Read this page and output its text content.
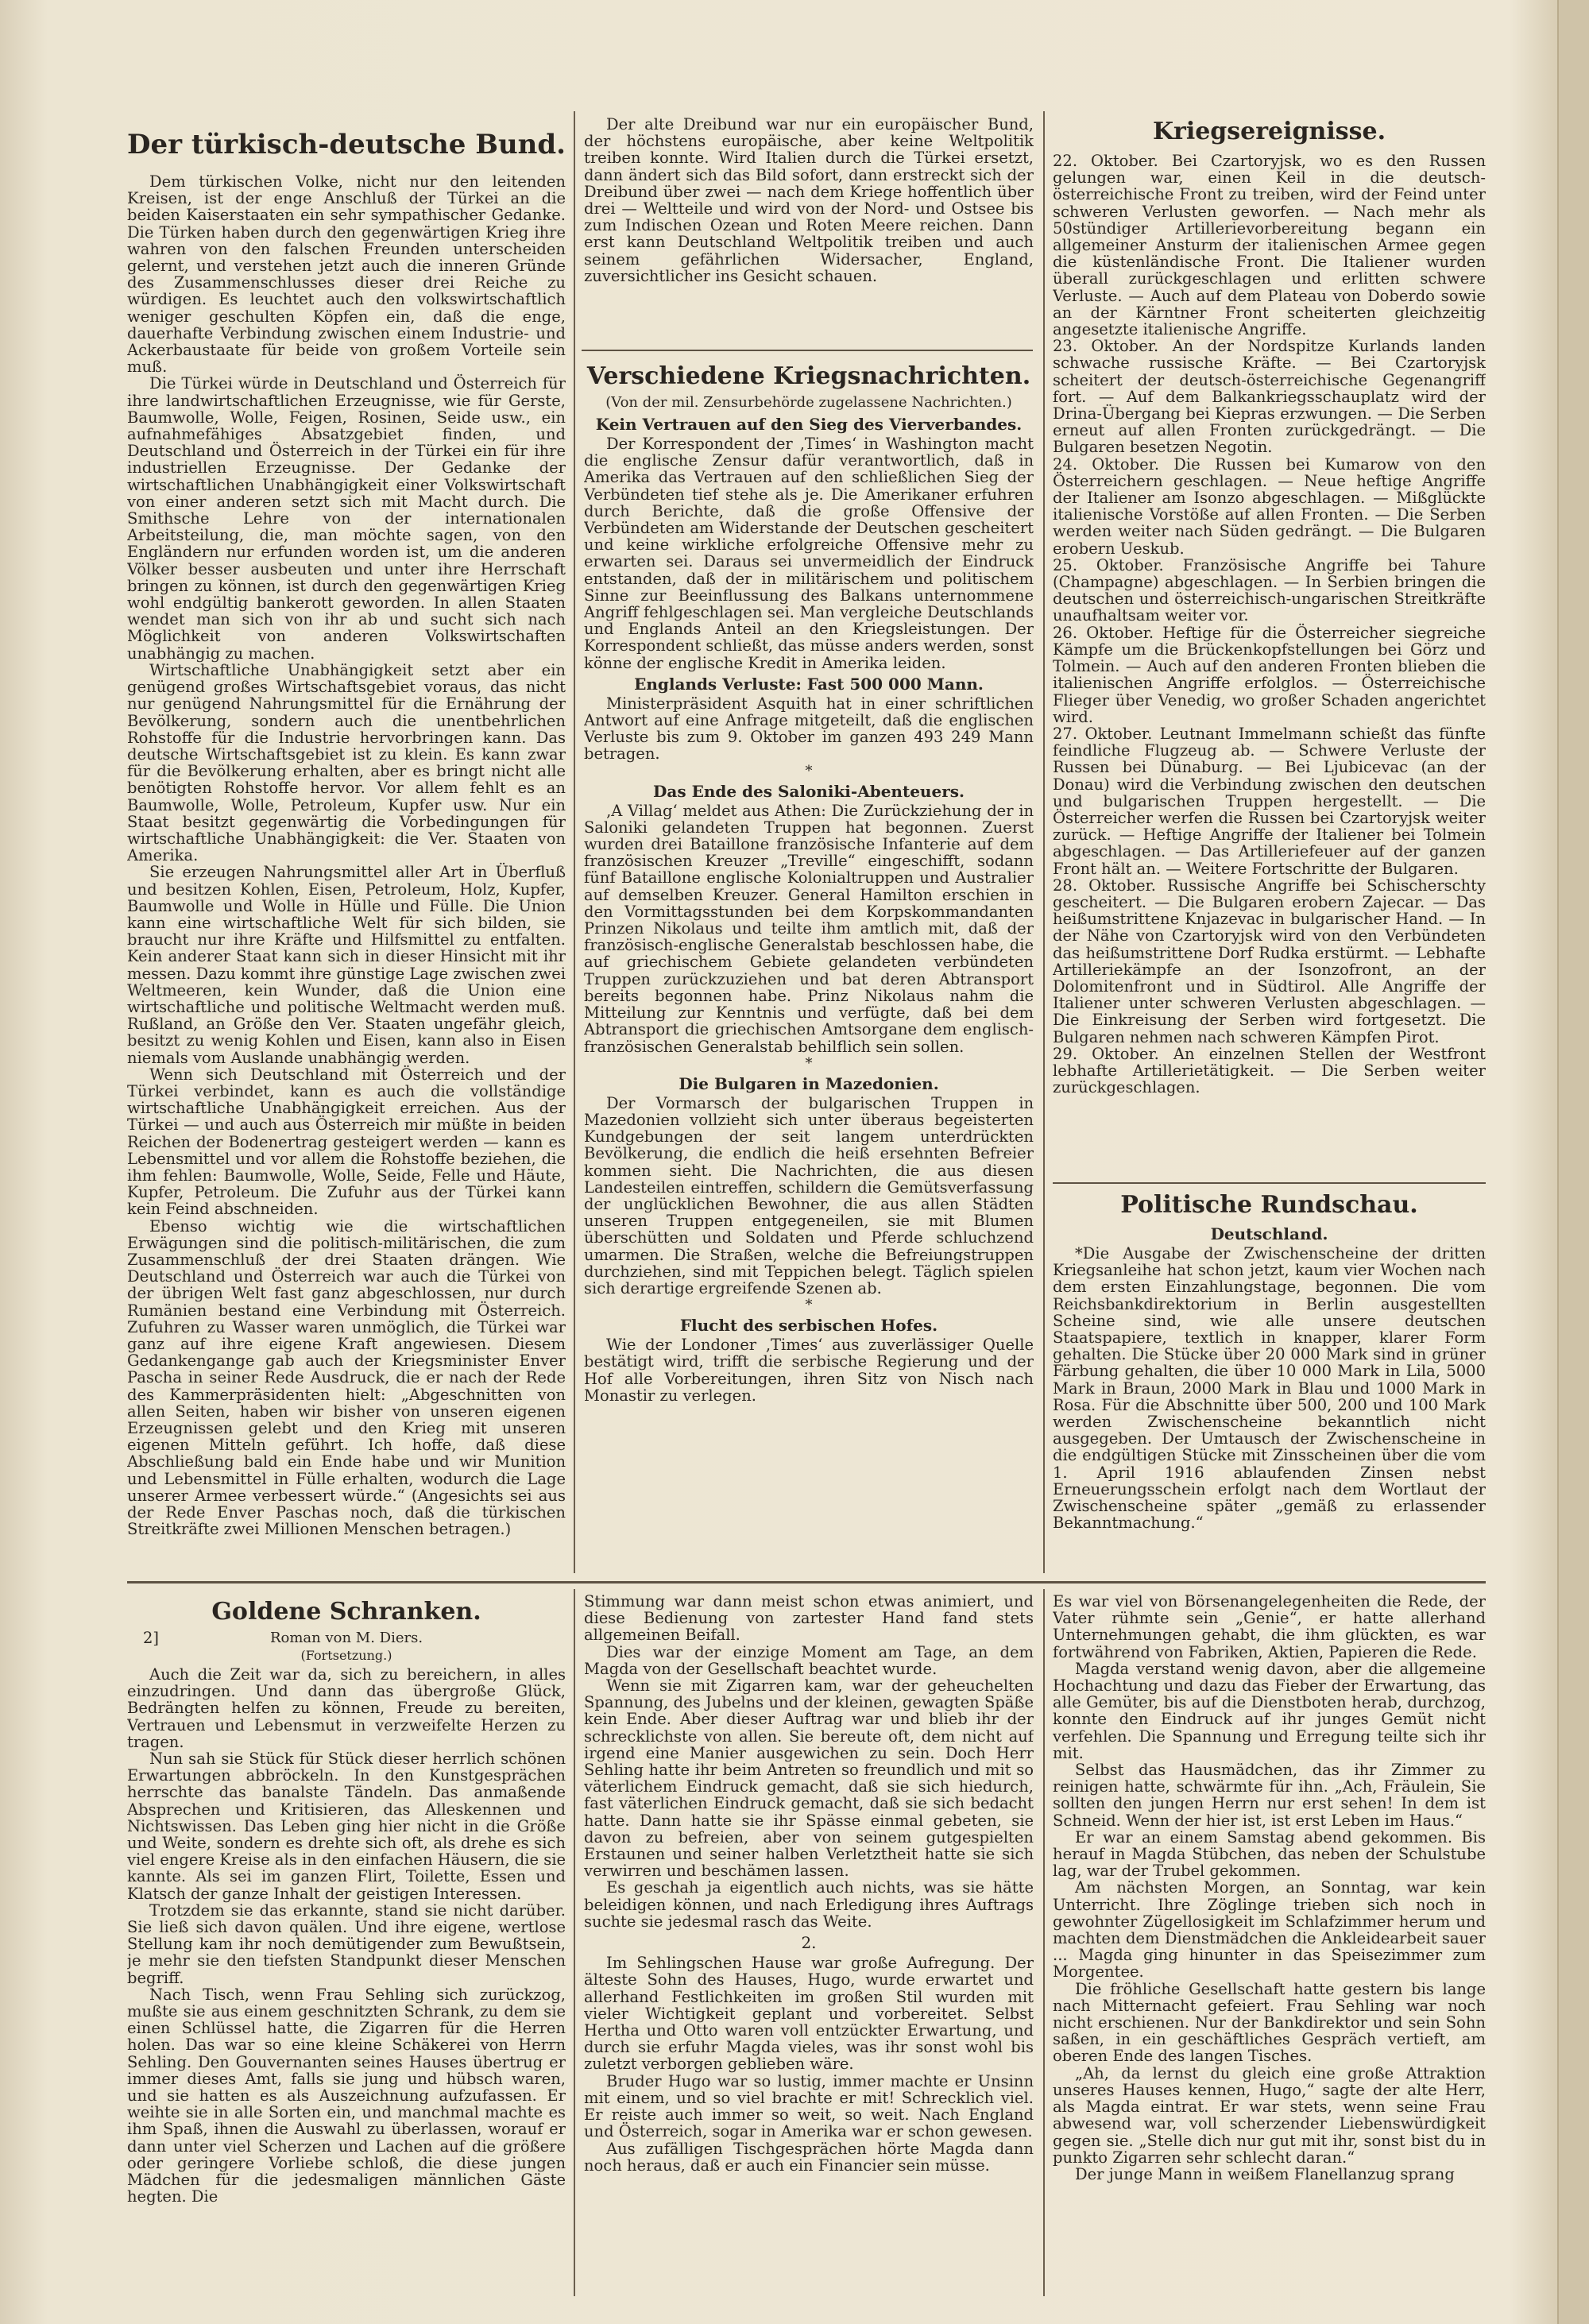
Der türkisch-deutsche Bund.

Dem türkischen Volke, nicht nur den leitenden Kreisen, ist der enge Anschluß der Türkei an die beiden Kaiserstaaten ein sehr sympathischer Gedanke. Die Türken haben durch den gegenwärtigen Krieg ihre wahren von den falschen Freunden unterscheiden gelernt, und verstehen jetzt auch die inneren Gründe des Zusammenschlusses dieser drei Reiche zu würdigen. Es leuchtet auch den volkswirtschaftlich weniger geschulten Köpfen ein, daß die enge, dauerhafte Verbindung zwischen einem Industrie- und Ackerbaustaate für beide von großem Vorteile sein muß.

Die Türkei würde in Deutschland und Österreich für ihre landwirtschaftlichen Erzeugnisse, wie für Gerste, Baumwolle, Wolle, Feigen, Rosinen, Seide usw., ein aufnahmefähiges Absatzgebiet finden, und Deutschland und Österreich in der Türkei ein für ihre industriellen Erzeugnisse. Der Gedanke der wirtschaftlichen Unabhängigkeit einer Volkswirtschaft von einer anderen setzt sich mit Macht durch. Die Smithsche Lehre von der internationalen Arbeitsteilung, die, man möchte sagen, von den Engländern nur erfunden worden ist, um die anderen Völker besser ausbeuten und unter ihre Herrschaft bringen zu können, ist durch den gegenwärtigen Krieg wohl endgültig bankerott geworden. In allen Staaten wendet man sich von ihr ab und sucht sich nach Möglichkeit von anderen Volkswirtschaften unabhängig zu machen.

Wirtschaftliche Unabhängigkeit setzt aber ein genügend großes Wirtschaftsgebiet voraus, das nicht nur genügend Nahrungsmittel für die Ernährung der Bevölkerung, sondern auch die unentbehrlichen Rohstoffe für die Industrie hervorbringen kann. Das deutsche Wirtschaftsgebiet ist zu klein. Es kann zwar für die Bevölkerung erhalten, aber es bringt nicht alle benötigten Rohstoffe hervor. Vor allem fehlt es an Baumwolle, Wolle, Petroleum, Kupfer usw. Nur ein Staat besitzt gegenwärtig die Vorbedingungen für wirtschaftliche Unabhängigkeit: die Ver. Staaten von Amerika.

Sie erzeugen Nahrungsmittel aller Art in Überfluß und besitzen Kohlen, Eisen, Petroleum, Holz, Kupfer, Baumwolle und Wolle in Hülle und Fülle. Die Union kann eine wirtschaftliche Welt für sich bilden, sie braucht nur ihre Kräfte und Hilfsmittel zu entfalten. Kein anderer Staat kann sich in dieser Hinsicht mit ihr messen. Dazu kommt ihre günstige Lage zwischen zwei Weltmeeren, kein Wunder, daß die Union eine wirtschaftliche und politische Weltmacht werden muß. Rußland, an Größe den Ver. Staaten ungefähr gleich, besitzt zu wenig Kohlen und Eisen, kann also in Eisen niemals vom Auslande unabhängig werden.

Wenn sich Deutschland mit Österreich und der Türkei verbindet, kann es auch die vollständige wirtschaftliche Unabhängigkeit erreichen. Aus der Türkei — und auch aus Österreich mir müßte in beiden Reichen der Bodenertrag gesteigert werden — kann es Lebensmittel und vor allem die Rohstoffe beziehen, die ihm fehlen: Baumwolle, Wolle, Seide, Felle und Häute, Kupfer, Petroleum. Die Zufuhr aus der Türkei kann kein Feind abschneiden.

Ebenso wichtig wie die wirtschaftlichen Erwägungen sind die politisch-militärischen, die zum Zusammenschluß der drei Staaten drängen. Wie Deutschland und Österreich war auch die Türkei von der übrigen Welt fast ganz abgeschlossen, nur durch Rumänien bestand eine Verbindung mit Österreich. Zufuhren zu Wasser waren unmöglich, die Türkei war ganz auf ihre eigene Kraft angewiesen. Diesem Gedankengange gab auch der Kriegsminister Enver Pascha in seiner Rede Ausdruck, die er nach der Rede des Kammerpräsidenten hielt: „Abgeschnitten von allen Seiten, haben wir bisher von unseren eigenen Erzeugnissen gelebt und den Krieg mit unseren eigenen Mitteln geführt. Ich hoffe, daß diese Abschließung bald ein Ende habe und wir Munition und Lebensmittel in Fülle erhalten, wodurch die Lage unserer Armee verbessert würde.“ (Angesichts sei aus der Rede Enver Paschas noch, daß die türkischen Streitkräfte zwei Millionen Menschen betragen.)

Der alte Dreibund war nur ein europäischer Bund, der höchstens europäische, aber keine Weltpolitik treiben konnte. Wird Italien durch die Türkei ersetzt, dann ändert sich das Bild sofort, dann erstreckt sich der Dreibund über zwei — nach dem Kriege hoffentlich über drei — Weltteile und wird von der Nord- und Ostsee bis zum Indischen Ozean und Roten Meere reichen. Dann erst kann Deutschland Weltpolitik treiben und auch seinem gefährlichen Widersacher, England, zuversichtlicher ins Gesicht schauen.

Verschiedene Kriegsnachrichten.
(Von der mil. Zensurbehörde zugelassene Nachrichten.)
Kein Vertrauen auf den Sieg des Vierverbandes.

Der Korrespondent der ‚Times‘ in Washington macht die englische Zensur dafür verantwortlich, daß in Amerika das Vertrauen auf den schließlichen Sieg der Verbündeten tief stehe als je. Die Amerikaner erfuhren durch Berichte, daß die große Offensive der Verbündeten am Widerstande der Deutschen gescheitert und keine wirkliche erfolgreiche Offensive mehr zu erwarten sei. Daraus sei unvermeidlich der Eindruck entstanden, daß der in militärischem und politischem Sinne zur Beeinflussung des Balkans unternommene Angriff fehlgeschlagen sei. Man vergleiche Deutschlands und Englands Anteil an den Kriegsleistungen. Der Korrespondent schließt, das müsse anders werden, sonst könne der englische Kredit in Amerika leiden.

Englands Verluste: Fast 500 000 Mann.

Ministerpräsident Asquith hat in einer schriftlichen Antwort auf eine Anfrage mitgeteilt, daß die englischen Verluste bis zum 9. Oktober im ganzen 493 249 Mann betragen.

*
Das Ende des Saloniki-Abenteuers.

‚A Villag‘ meldet aus Athen: Die Zurückziehung der in Saloniki gelandeten Truppen hat begonnen. Zuerst wurden drei Bataillone französische Infanterie auf dem französischen Kreuzer „Treville“ eingeschifft, sodann fünf Bataillone englische Kolonialtruppen und Australier auf demselben Kreuzer. General Hamilton erschien in den Vormittagsstunden bei dem Korpskommandanten Prinzen Nikolaus und teilte ihm amtlich mit, daß der französisch-englische Generalstab beschlossen habe, die auf griechischem Gebiete gelandeten verbündeten Truppen zurückzuziehen und bat deren Abtransport bereits begonnen habe. Prinz Nikolaus nahm die Mitteilung zur Kenntnis und verfügte, daß bei dem Abtransport die griechischen Amtsorgane dem englisch-französischen Generalstab behilflich sein sollen.

*
Die Bulgaren in Mazedonien.

Der Vormarsch der bulgarischen Truppen in Mazedonien vollzieht sich unter überaus begeisterten Kundgebungen der seit langem unterdrückten Bevölkerung, die endlich die heiß ersehnten Befreier kommen sieht. Die Nachrichten, die aus diesen Landesteilen eintreffen, schildern die Gemütsverfassung der unglücklichen Bewohner, die aus allen Städten unseren Truppen entgegeneilen, sie mit Blumen überschütten und Soldaten und Pferde schluchzend umarmen. Die Straßen, welche die Befreiungstruppen durchziehen, sind mit Teppichen belegt. Täglich spielen sich derartige ergreifende Szenen ab.

*
Flucht des serbischen Hofes.

Wie der Londoner ‚Times‘ aus zuverlässiger Quelle bestätigt wird, trifft die serbische Regierung und der Hof alle Vorbereitungen, ihren Sitz von Nisch nach Monastir zu verlegen.

Kriegsereignisse.

22. Oktober. Bei Czartoryjsk, wo es den Russen gelungen war, einen Keil in die deutsch-österreichische Front zu treiben, wird der Feind unter schweren Verlusten geworfen. — Nach mehr als 50stündiger Artillerievorbereitung begann ein allgemeiner Ansturm der italienischen Armee gegen die küstenländische Front. Die Italiener wurden überall zurückgeschlagen und erlitten schwere Verluste. — Auch auf dem Plateau von Doberdo sowie an der Kärntner Front scheiterten gleichzeitig angesetzte italienische Angriffe.

23. Oktober. An der Nordspitze Kurlands landen schwache russische Kräfte. — Bei Czartoryjsk scheitert der deutsch-österreichische Gegenangriff fort. — Auf dem Balkankriegsschauplatz wird der Drina-Übergang bei Kiepras erzwungen. — Die Serben erneut auf allen Fronten zurückgedrängt. — Die Bulgaren besetzen Negotin.

24. Oktober. Die Russen bei Kumarow von den Österreichern geschlagen. — Neue heftige Angriffe der Italiener am Isonzo abgeschlagen. — Mißglückte italienische Vorstöße auf allen Fronten. — Die Serben werden weiter nach Süden gedrängt. — Die Bulgaren erobern Ueskub.

25. Oktober. Französische Angriffe bei Tahure (Champagne) abgeschlagen. — In Serbien bringen die deutschen und österreichisch-ungarischen Streitkräfte unaufhaltsam weiter vor.

26. Oktober. Heftige für die Österreicher siegreiche Kämpfe um die Brückenkopfstellungen bei Görz und Tolmein. — Auch auf den anderen Fronten blieben die italienischen Angriffe erfolglos. — Österreichische Flieger über Venedig, wo großer Schaden angerichtet wird.

27. Oktober. Leutnant Immelmann schießt das fünfte feindliche Flugzeug ab. — Schwere Verluste der Russen bei Dünaburg. — Bei Ljubicevac (an der Donau) wird die Verbindung zwischen den deutschen und bulgarischen Truppen hergestellt. — Die Österreicher werfen die Russen bei Czartoryjsk weiter zurück. — Heftige Angriffe der Italiener bei Tolmein abgeschlagen. — Das Artilleriefeuer auf der ganzen Front hält an. — Weitere Fortschritte der Bulgaren.

28. Oktober. Russische Angriffe bei Schischerschty gescheitert. — Die Bulgaren erobern Zajecar. — Das heißumstrittene Knjazevac in bulgarischer Hand. — In der Nähe von Czartoryjsk wird von den Verbündeten das heißumstrittene Dorf Rudka erstürmt. — Lebhafte Artilleriekämpfe an der Isonzofront, an der Dolomitenfront und in Südtirol. Alle Angriffe der Italiener unter schweren Verlusten abgeschlagen. — Die Einkreisung der Serben wird fortgesetzt. Die Bulgaren nehmen nach schweren Kämpfen Pirot.

29. Oktober. An einzelnen Stellen der Westfront lebhafte Artillerietätigkeit. — Die Serben weiter zurückgeschlagen.

Politische Rundschau.
Deutschland.

*Die Ausgabe der Zwischenscheine der dritten Kriegsanleihe hat schon jetzt, kaum vier Wochen nach dem ersten Einzahlungstage, begonnen. Die vom Reichsbankdirektorium in Berlin ausgestellten Scheine sind, wie alle unsere deutschen Staatspapiere, textlich in knapper, klarer Form gehalten. Die Stücke über 20 000 Mark sind in grüner Färbung gehalten, die über 10 000 Mark in Lila, 5000 Mark in Braun, 2000 Mark in Blau und 1000 Mark in Rosa. Für die Abschnitte über 500, 200 und 100 Mark werden Zwischenscheine bekanntlich nicht ausgegeben. Der Umtausch der Zwischenscheine in die endgültigen Stücke mit Zinsscheinen über die vom 1. April 1916 ablaufenden Zinsen nebst Erneuerungsschein erfolgt nach dem Wortlaut der Zwischenscheine später „gemäß zu erlassender Bekanntmachung.“

Goldene Schranken.
2]	Roman von M. Diers.
(Fortsetzung.)

Auch die Zeit war da, sich zu bereichern, in alles einzudringen. Und dann das übergroße Glück, Bedrängten helfen zu können, Freude zu bereiten, Vertrauen und Lebensmut in verzweifelte Herzen zu tragen.

Nun sah sie Stück für Stück dieser herrlich schönen Erwartungen abbröckeln. In den Kunstgesprächen herrschte das banalste Tändeln. Das anmaßende Absprechen und Kritisieren, das Alleskennen und Nichtswissen. Das Leben ging hier nicht in die Größe und Weite, sondern es drehte sich oft, als drehe es sich viel engere Kreise als in den einfachen Häusern, die sie kannte. Als sei im ganzen Flirt, Toilette, Essen und Klatsch der ganze Inhalt der geistigen Interessen.

Trotzdem sie das erkannte, stand sie nicht darüber. Sie ließ sich davon quälen. Und ihre eigene, wertlose Stellung kam ihr noch demütigender zum Bewußtsein, je mehr sie den tiefsten Standpunkt dieser Menschen begriff.

Nach Tisch, wenn Frau Sehling sich zurückzog, mußte sie aus einem geschnitzten Schrank, zu dem sie einen Schlüssel hatte, die Zigarren für die Herren holen. Das war so eine kleine Schäkerei von Herrn Sehling. Den Gouvernanten seines Hauses übertrug er immer dieses Amt, falls sie jung und hübsch waren, und sie hatten es als Auszeichnung aufzufassen. Er weihte sie in alle Sorten ein, und manchmal machte es ihm Spaß, ihnen die Auswahl zu überlassen, worauf er dann unter viel Scherzen und Lachen auf die größere oder geringere Vorliebe schloß, die diese jungen Mädchen für die jedesmaligen männlichen Gäste hegten. Die

Stimmung war dann meist schon etwas animiert, und diese Bedienung von zartester Hand fand stets allgemeinen Beifall.

Dies war der einzige Moment am Tage, an dem Magda von der Gesellschaft beachtet wurde.

Wenn sie mit Zigarren kam, war der geheuchelten Spannung, des Jubelns und der kleinen, gewagten Späße kein Ende. Aber dieser Auftrag war und blieb ihr der schrecklichste von allen. Sie bereute oft, dem nicht auf irgend eine Manier ausgewichen zu sein. Doch Herr Sehling hatte ihr beim Antreten so freundlich und mit so väterlichem Eindruck gemacht, daß sie sich hiedurch, fast väterlichen Eindruck gemacht, daß sie sich bedacht hatte. Dann hatte sie ihr Spässe einmal gebeten, sie davon zu befreien, aber von seinem gutgespielten Erstaunen und seiner halben Verletztheit hatte sie sich verwirren und beschämen lassen.

Es geschah ja eigentlich auch nichts, was sie hätte beleidigen können, und nach Erledigung ihres Auftrags suchte sie jedesmal rasch das Weite.

2.

Im Sehlingschen Hause war große Aufregung. Der älteste Sohn des Hauses, Hugo, wurde erwartet und allerhand Festlichkeiten im großen Stil wurden mit vieler Wichtigkeit geplant und vorbereitet. Selbst Hertha und Otto waren voll entzückter Erwartung, und durch sie erfuhr Magda vieles, was ihr sonst wohl bis zuletzt verborgen geblieben wäre.

Bruder Hugo war so lustig, immer machte er Unsinn mit einem, und so viel brachte er mit! Schrecklich viel. Er reiste auch immer so weit, so weit. Nach England und Österreich, sogar in Amerika war er schon gewesen.

Aus zufälligen Tischgesprächen hörte Magda dann noch heraus, daß er auch ein Financier sein müsse.

Es war viel von Börsenangelegenheiten die Rede, der Vater rühmte sein „Genie“, er hatte allerhand Unternehmungen gehabt, die ihm glückten, es war fortwährend von Fabriken, Aktien, Papieren die Rede.

Magda verstand wenig davon, aber die allgemeine Hochachtung und dazu das Fieber der Erwartung, das alle Gemüter, bis auf die Dienstboten herab, durchzog, konnte den Eindruck auf ihr junges Gemüt nicht verfehlen. Die Spannung und Erregung teilte sich ihr mit.

Selbst das Hausmädchen, das ihr Zimmer zu reinigen hatte, schwärmte für ihn. „Ach, Fräulein, Sie sollten den jungen Herrn nur erst sehen! In dem ist Schneid. Wenn der hier ist, ist erst Leben im Haus.“

Er war an einem Samstag abend gekommen. Bis herauf in Magda Stübchen, das neben der Schulstube lag, war der Trubel gekommen.

Am nächsten Morgen, an Sonntag, war kein Unterricht. Ihre Zöglinge trieben sich noch in gewohnter Zügellosigkeit im Schlafzimmer herum und machten dem Dienstmädchen die Ankleidearbeit sauer ... Magda ging hinunter in das Speisezimmer zum Morgentee.

Die fröhliche Gesellschaft hatte gestern bis lange nach Mitternacht gefeiert. Frau Sehling war noch nicht erschienen. Nur der Bankdirektor und sein Sohn saßen, in ein geschäftliches Gespräch vertieft, am oberen Ende des langen Tisches.

„Ah, da lernst du gleich eine große Attraktion unseres Hauses kennen, Hugo,“ sagte der alte Herr, als Magda eintrat. Er war stets, wenn seine Frau abwesend war, voll scherzender Liebenswürdigkeit gegen sie. „Stelle dich nur gut mit ihr, sonst bist du in punkto Zigarren sehr schlecht daran.“

Der junge Mann in weißem Flanellanzug sprang
